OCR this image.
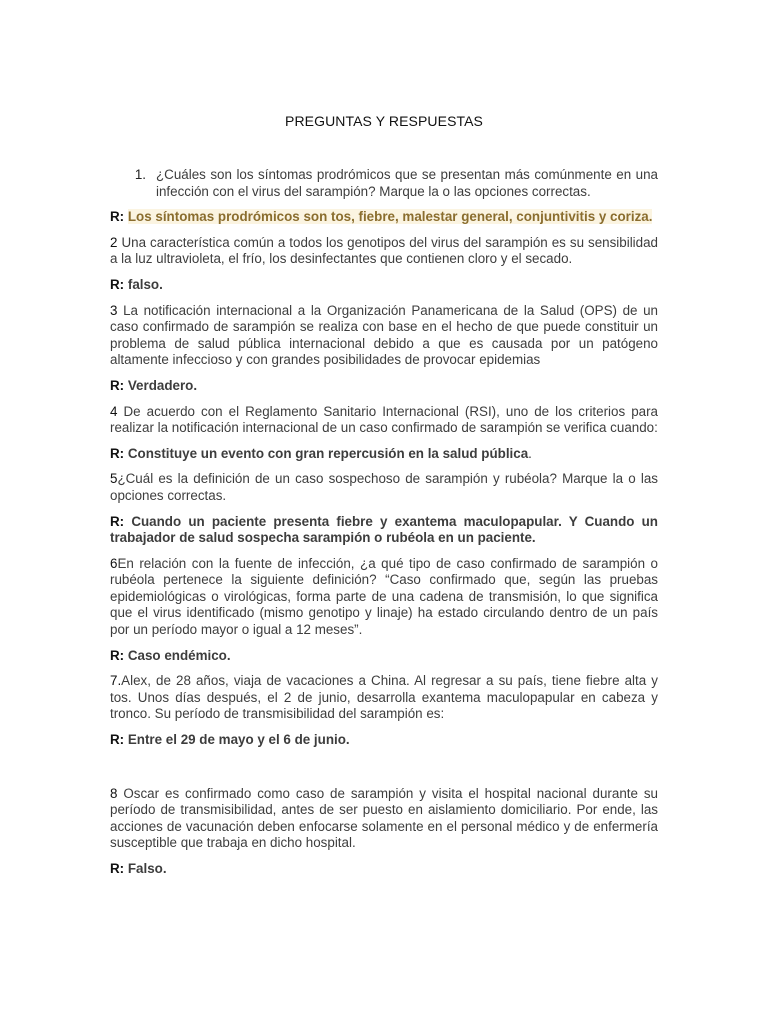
PREGUNTAS Y RESPUESTAS
1. ¿Cuáles son los síntomas prodrómicos que se presentan más comúnmente en una infección con el virus del sarampión? Marque la o las opciones correctas.

R: Los síntomas prodrómicos son tos, fiebre, malestar general, conjuntivitis y coriza.

2 Una característica común a todos los genotipos del virus del sarampión es su sensibilidad a la luz ultravioleta, el frío, los desinfectantes que contienen cloro y el secado.

R: falso.

3 La notificación internacional a la Organización Panamericana de la Salud (OPS) de un caso confirmado de sarampión se realiza con base en el hecho de que puede constituir un problema de salud pública internacional debido a que es causada por un patógeno altamente infeccioso y con grandes posibilidades de provocar epidemias

R: Verdadero.

4 De acuerdo con el Reglamento Sanitario Internacional (RSI), uno de los criterios para realizar la notificación internacional de un caso confirmado de sarampión se verifica cuando:

R: Constituye un evento con gran repercusión en la salud pública.

5¿Cuál es la definición de un caso sospechoso de sarampión y rubéola? Marque la o las opciones correctas.

R: Cuando un paciente presenta fiebre y exantema maculopapular. Y Cuando un trabajador de salud sospecha sarampión o rubéola en un paciente.

6En relación con la fuente de infección, ¿a qué tipo de caso confirmado de sarampión o rubéola pertenece la siguiente definición? “Caso confirmado que, según las pruebas epidemiológicas o virológicas, forma parte de una cadena de transmisión, lo que significa que el virus identificado (mismo genotipo y linaje) ha estado circulando dentro de un país por un período mayor o igual a 12 meses”.

R: Caso endémico.

7.Alex, de 28 años, viaja de vacaciones a China. Al regresar a su país, tiene fiebre alta y tos. Unos días después, el 2 de junio, desarrolla exantema maculopapular en cabeza y tronco. Su período de transmisibilidad del sarampión es:

R: Entre el 29 de mayo y el 6 de junio.

8 Oscar es confirmado como caso de sarampión y visita el hospital nacional durante su período de transmisibilidad, antes de ser puesto en aislamiento domiciliario. Por ende, las acciones de vacunación deben enfocarse solamente en el personal médico y de enfermería susceptible que trabaja en dicho hospital.

R: Falso.
